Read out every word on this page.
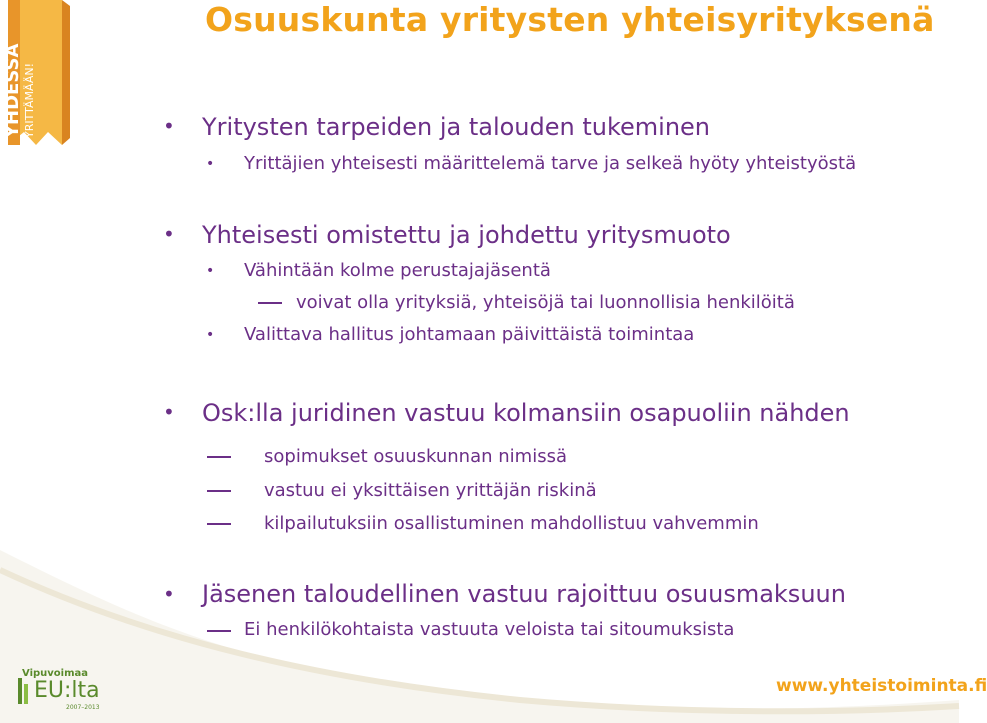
YHDESSÄ YRITTÄMÄÄN!
Osuuskunta yritysten yhteisyrityksenä
• Yritysten tarpeiden ja talouden tukeminen
• Yrittäjien yhteisesti määrittelemä tarve ja selkeä hyöty yhteistyöstä
• Yhteisesti omistettu ja johdettu yritysmuoto
• Vähintään kolme perustajajäsentä
voivat olla yrityksiä, yhteisöjä tai luonnollisia henkilöitä
• Valittava hallitus johtamaan päivittäistä toimintaa
• Osk:lla juridinen vastuu kolmansiin osapuoliin nähden
sopimukset osuuskunnan nimissä
vastuu ei yksittäisen yrittäjän riskinä
kilpailutuksiin osallistuminen mahdollistuu vahvemmin
• Jäsenen taloudellinen vastuu rajoittuu osuusmaksuun
Ei henkilökohtaista vastuuta veloista tai sitoumuksista
Vipuvoimaa
EU:lta
2007–2013
www.yhteistoiminta.fi
